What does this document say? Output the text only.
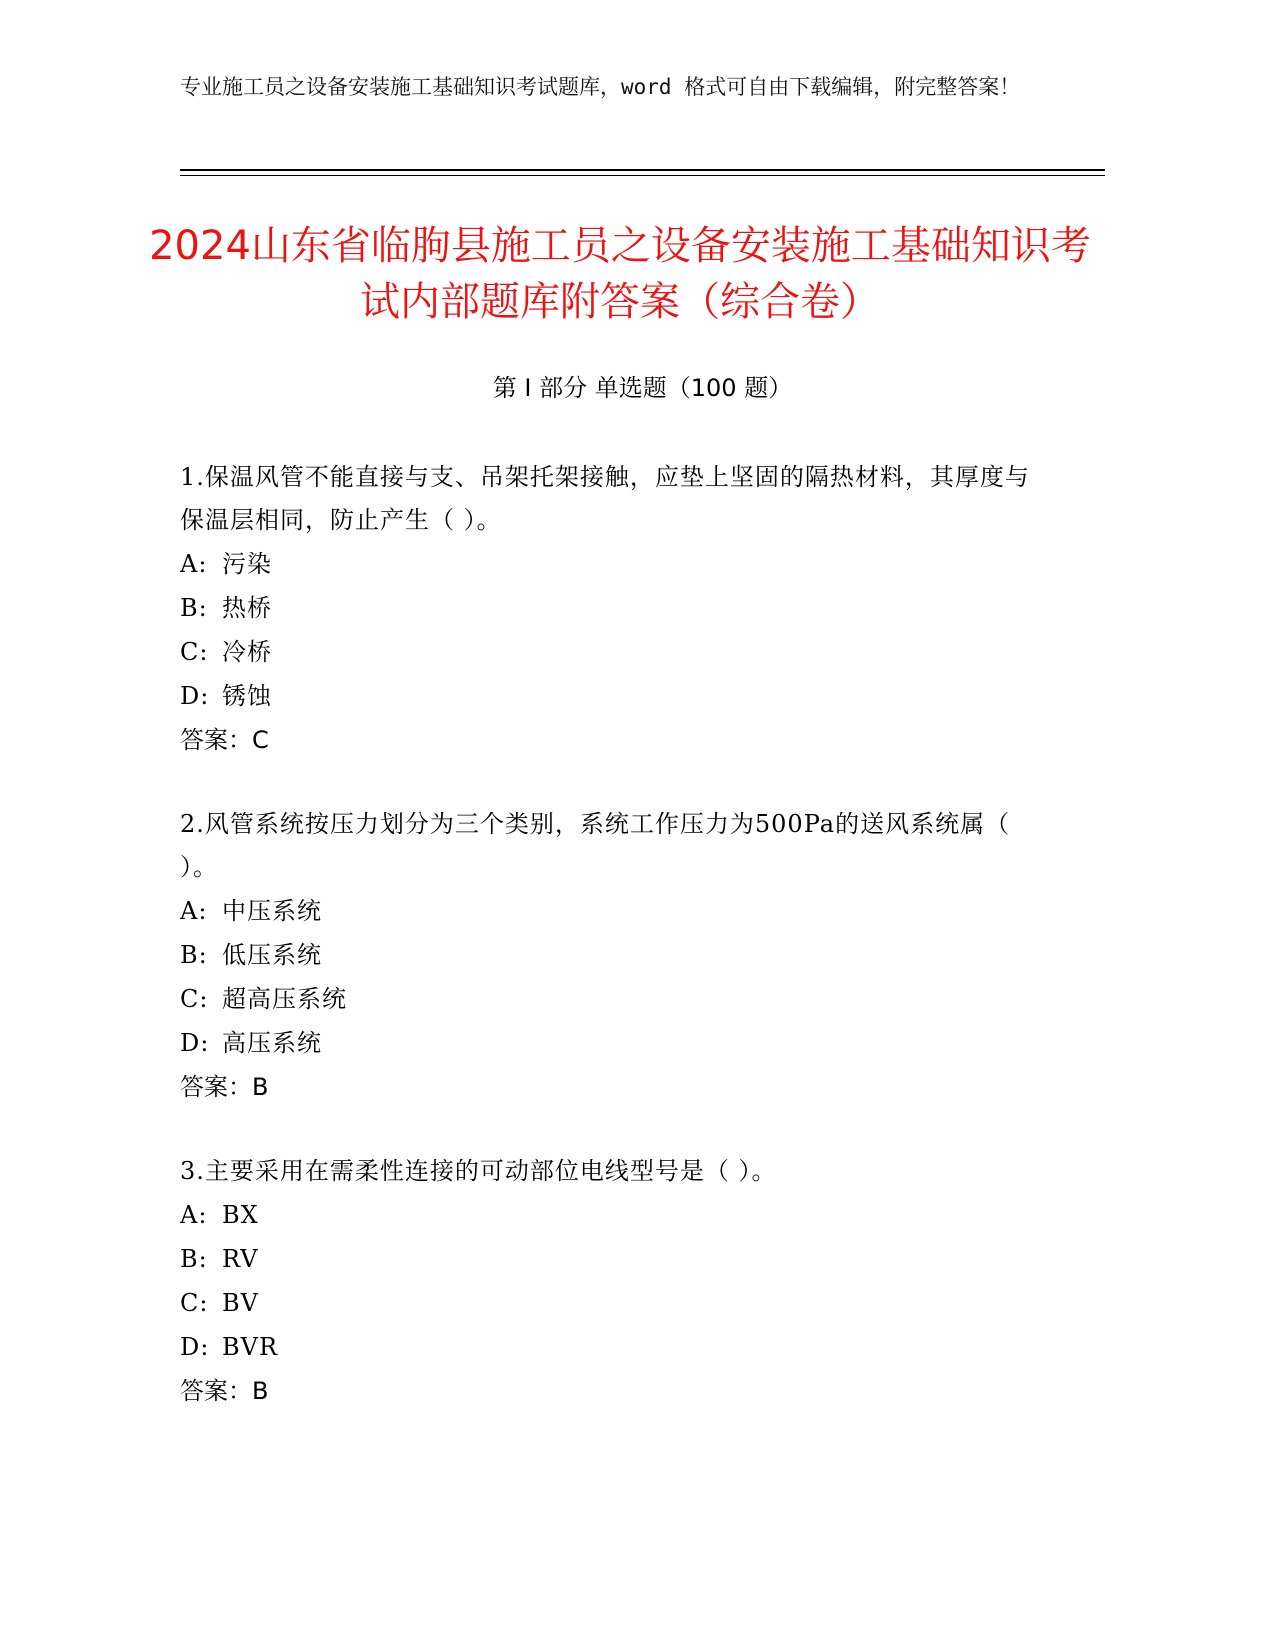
专业施工员之设备安装施工基础知识考试题库，word 格式可自由下载编辑，附完整答案！
2024山东省临朐县施工员之设备安装施工基础知识考试内部题库附答案（综合卷）
第 I 部分 单选题（100 题）

1.保温风管不能直接与支、吊架托架接触，应垫上坚固的隔热材料，其厚度与保温层相同，防止产生（ ）。

A: 污染

B: 热桥

C: 冷桥

D: 锈蚀

答案：C

2.风管系统按压力划分为三个类别，系统工作压力为500Pa的送风系统属（ ）。

A: 中压系统

B: 低压系统

C: 超高压系统

D: 高压系统

答案：B

3.主要采用在需柔性连接的可动部位电线型号是（ ）。

A: BX

B: RV

C: BV

D: BVR

答案：B
